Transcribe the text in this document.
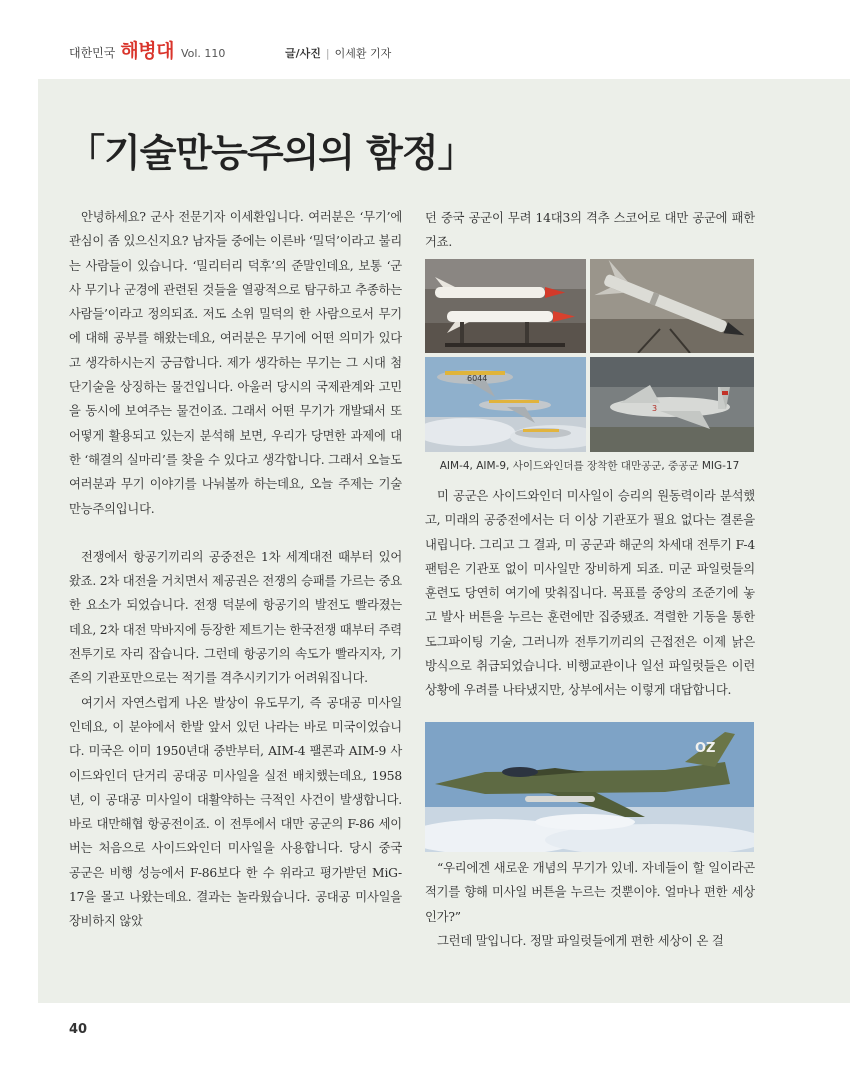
대한민국 해병대 Vol. 110	글/사진 | 이세환 기자
「기술만능주의의 함정」

안녕하세요? 군사 전문기자 이세환입니다. 여러분은 ‘무기’에 관심이 좀 있으신지요? 남자들 중에는 이른바 ‘밀덕’이라고 불리는 사람들이 있습니다. ‘밀리터리 덕후’의 준말인데요, 보통 ‘군사 무기나 군경에 관련된 것들을 열광적으로 탐구하고 추종하는 사람들’이라고 정의되죠. 저도 소위 밀덕의 한 사람으로서 무기에 대해 공부를 해왔는데요, 여러분은 무기에 어떤 의미가 있다고 생각하시는지 궁금합니다. 제가 생각하는 무기는 그 시대 첨단기술을 상징하는 물건입니다. 아울러 당시의 국제관계와 고민을 동시에 보여주는 물건이죠. 그래서 어떤 무기가 개발돼서 또 어떻게 활용되고 있는지 분석해 보면, 우리가 당면한 과제에 대한 ‘해결의 실마리’를 찾을 수 있다고 생각합니다. 그래서 오늘도 여러분과 무기 이야기를 나눠볼까 하는데요, 오늘 주제는 기술만능주의입니다.

전쟁에서 항공기끼리의 공중전은 1차 세계대전 때부터 있어왔죠. 2차 대전을 거치면서 제공권은 전쟁의 승패를 가르는 중요한 요소가 되었습니다. 전쟁 덕분에 항공기의 발전도 빨라졌는데요, 2차 대전 막바지에 등장한 제트기는 한국전쟁 때부터 주력 전투기로 자리 잡습니다. 그런데 항공기의 속도가 빨라지자, 기존의 기관포만으로는 적기를 격추시키기가 어려워집니다.

여기서 자연스럽게 나온 발상이 유도무기, 즉 공대공 미사일인데요, 이 분야에서 한발 앞서 있던 나라는 바로 미국이었습니다. 미국은 이미 1950년대 중반부터, AIM-4 팰콘과 AIM-9 사이드와인더 단거리 공대공 미사일을 실전 배치했는데요, 1958년, 이 공대공 미사일이 대활약하는 극적인 사건이 발생합니다. 바로 대만해협 항공전이죠. 이 전투에서 대만 공군의 F-86 세이버는 처음으로 사이드와인더 미사일을 사용합니다. 당시 중국 공군은 비행 성능에서 F-86보다 한 수 위라고 평가받던 MiG-17을 몰고 나왔는데요. 결과는 놀라웠습니다. 공대공 미사일을 장비하지 않았

던 중국 공군이 무려 14대3의 격추 스코어로 대만 공군에 패한 거죠.

6044
3
AIM-4, AIM-9, 사이드와인더를 장착한 대만공군, 중공군 MIG-17

미 공군은 사이드와인더 미사일이 승리의 원동력이라 분석했고, 미래의 공중전에서는 더 이상 기관포가 필요 없다는 결론을 내립니다. 그리고 그 결과, 미 공군과 해군의 차세대 전투기 F-4 팬텀은 기관포 없이 미사일만 장비하게 되죠. 미군 파일럿들의 훈련도 당연히 여기에 맞춰집니다. 목표를 중앙의 조준기에 놓고 발사 버튼을 누르는 훈련에만 집중됐죠. 격렬한 기동을 통한 도그파이팅 기술, 그러니까 전투기끼리의 근접전은 이제 낡은 방식으로 취급되었습니다. 비행교관이나 일선 파일럿들은 이런 상황에 우려를 나타냈지만, 상부에서는 이렇게 대답합니다.

OZ

“우리에겐 새로운 개념의 무기가 있네. 자네들이 할 일이라곤 적기를 향해 미사일 버튼을 누르는 것뿐이야. 얼마나 편한 세상인가?”

그런데 말입니다. 정말 파일럿들에게 편한 세상이 온 걸

40
